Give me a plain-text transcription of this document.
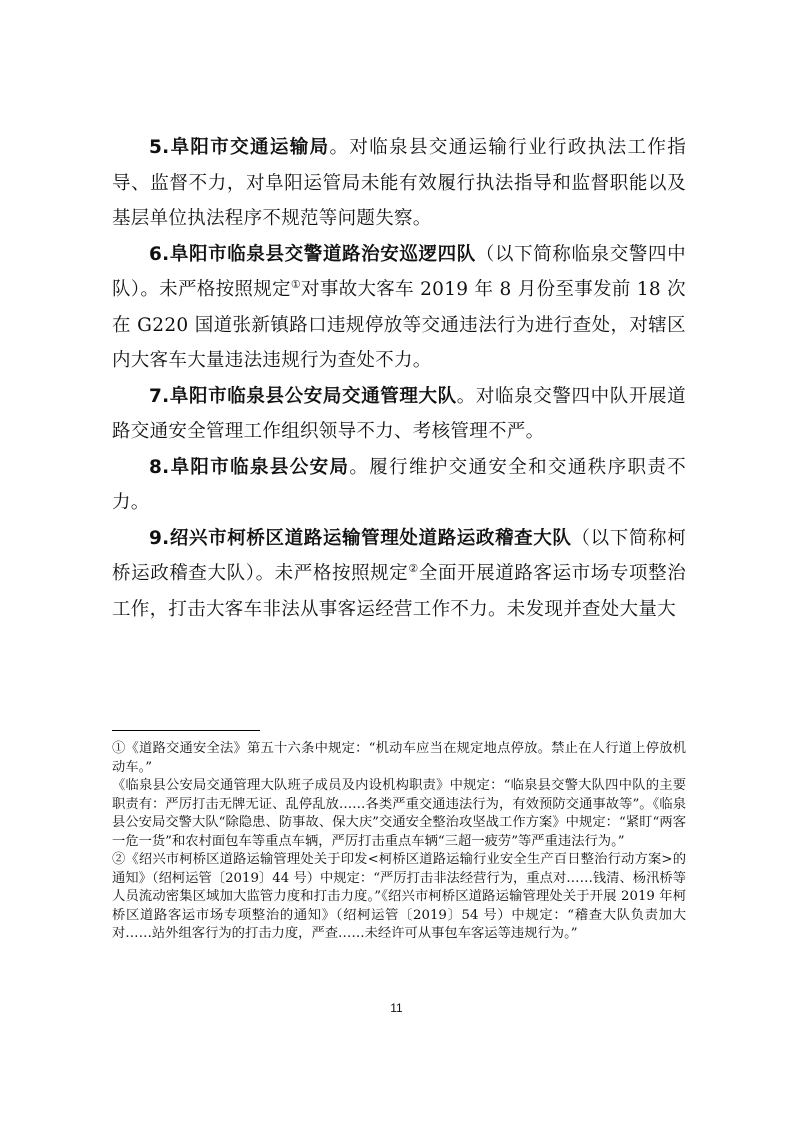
5.阜阳市交通运输局。对临泉县交通运输行业行政执法工作指导、监督不力，对阜阳运管局未能有效履行执法指导和监督职能以及基层单位执法程序不规范等问题失察。

6.阜阳市临泉县交警道路治安巡逻四队（以下简称临泉交警四中队）。未严格按照规定①对事故大客车 2019 年 8 月份至事发前 18 次在 G220 国道张新镇路口违规停放等交通违法行为进行查处，对辖区内大客车大量违法违规行为查处不力。

7.阜阳市临泉县公安局交通管理大队。对临泉交警四中队开展道路交通安全管理工作组织领导不力、考核管理不严。

8.阜阳市临泉县公安局。履行维护交通安全和交通秩序职责不力。

9.绍兴市柯桥区道路运输管理处道路运政稽查大队（以下简称柯桥运政稽查大队）。未严格按照规定②全面开展道路客运市场专项整治工作，打击大客车非法从事客运经营工作不力。未发现并查处大量大

①《道路交通安全法》第五十六条中规定：“机动车应当在规定地点停放。禁止在人行道上停放机动车。”

《临泉县公安局交通管理大队班子成员及内设机构职责》中规定：“临泉县交警大队四中队的主要职责有：严厉打击无牌无证、乱停乱放……各类严重交通违法行为，有效预防交通事故等”。《临泉县公安局交警大队“除隐患、防事故、保大庆”交通安全整治攻坚战工作方案》中规定：“紧盯“两客一危一货”和农村面包车等重点车辆，严厉打击重点车辆“三超一疲劳”等严重违法行为。”

②《绍兴市柯桥区道路运输管理处关于印发<柯桥区道路运输行业安全生产百日整治行动方案>的通知》（绍柯运管〔2019〕44 号）中规定：“严厉打击非法经营行为，重点对……钱清、杨汛桥等人员流动密集区域加大监管力度和打击力度。”《绍兴市柯桥区道路运输管理处关于开展 2019 年柯桥区道路客运市场专项整治的通知》（绍柯运管〔2019〕54 号）中规定：“稽查大队负责加大对……站外组客行为的打击力度，严查……未经许可从事包车客运等违规行为。”

11
